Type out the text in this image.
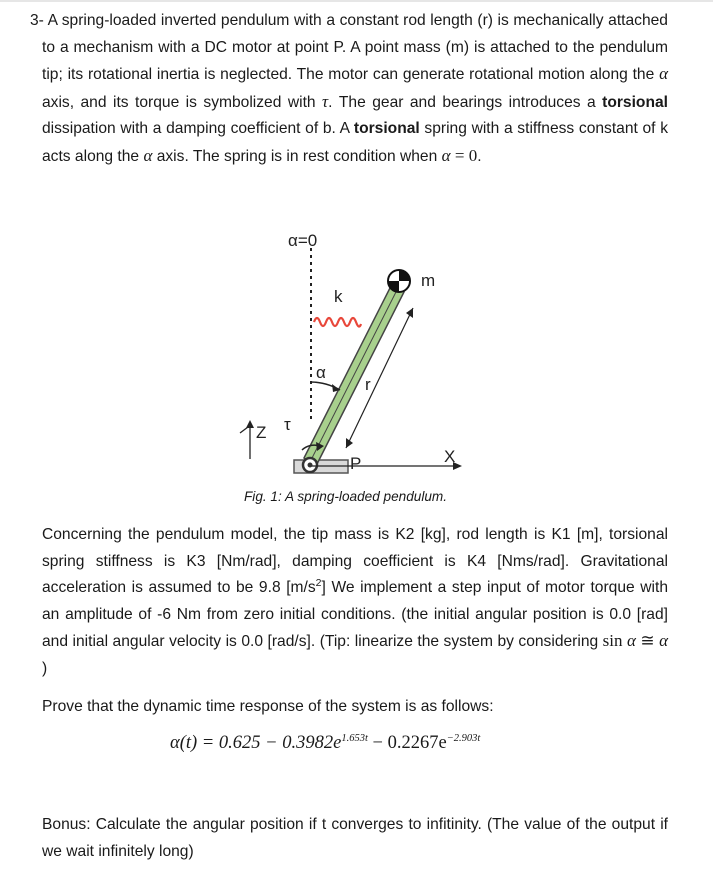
3- A spring-loaded inverted pendulum with a constant rod length (r) is mechanically attached to a mechanism with a DC motor at point P. A point mass (m) is attached to the pendulum tip; its rotational inertia is neglected. The motor can generate rotational motion along the α axis, and its torque is symbolized with τ. The gear and bearings introduces a torsional dissipation with a damping coefficient of b. A torsional spring with a stiffness constant of k acts along the α axis. The spring is in rest condition when α = 0.

α=0
m
k
α
r
τ
Z
P	X
Fig. 1: A spring-loaded pendulum.

Concerning the pendulum model, the tip mass is K2 [kg], rod length is K1 [m], torsional spring stiffness is K3 [Nm/rad], damping coefficient is K4 [Nms/rad]. Gravitational acceleration is assumed to be 9.8 $[m/s^2]$ We implement a step input of motor torque with an amplitude of -6 Nm from zero initial conditions. (the initial angular position is 0.0 [rad] and initial angular velocity is 0.0 [rad/s]. (Tip: linearize the system by considering sin α ≅ α )

Prove that the dynamic time response of the system is as follows:

$\alpha(t) = 0.625 - 0.3982e^{1.653t} - 0.2267e^{-2.903t}$

Bonus: Calculate the angular position if t converges to infitinity. (The value of the output if we wait infinitely long)
